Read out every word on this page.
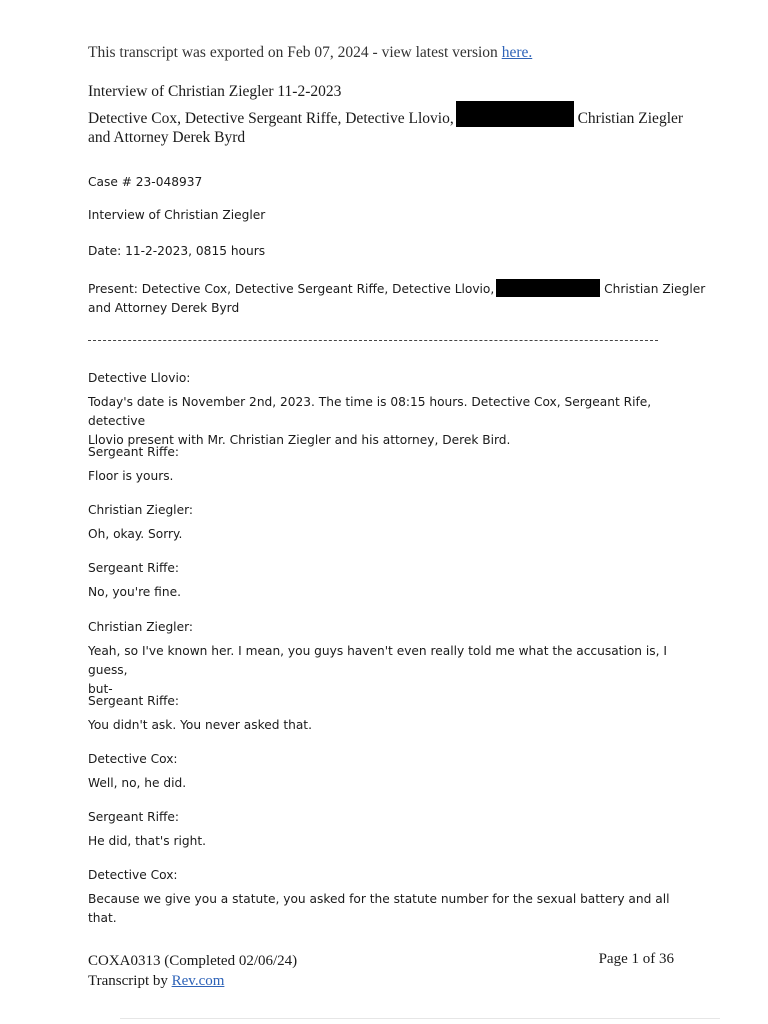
This transcript was exported on Feb 07, 2024 - view latest version here.
Interview of Christian Ziegler 11-2-2023
Detective Cox, Detective Sergeant Riffe, Detective Llovio,	Christian Ziegler
and Attorney Derek Byrd
Case # 23-048937
Interview of Christian Ziegler
Date: 11-2-2023, 0815 hours
Present: Detective Cox, Detective Sergeant Riffe, Detective Llovio,	Christian Ziegler
and Attorney Derek Byrd
Detective Llovio:
Today's date is November 2nd, 2023. The time is 08:15 hours. Detective Cox, Sergeant Rife, detective
Llovio present with Mr. Christian Ziegler and his attorney, Derek Bird.
Sergeant Riffe:
Floor is yours.
Christian Ziegler:
Oh, okay. Sorry.
Sergeant Riffe:
No, you're fine.
Christian Ziegler:
Yeah, so I've known her. I mean, you guys haven't even really told me what the accusation is, I guess,
but-
Sergeant Riffe:
You didn't ask. You never asked that.
Detective Cox:
Well, no, he did.
Sergeant Riffe:
He did, that's right.
Detective Cox:
Because we give you a statute, you asked for the statute number for the sexual battery and all that.
COXA0313 (Completed 02/06/24)
Transcript by Rev.com
Page 1 of 36
